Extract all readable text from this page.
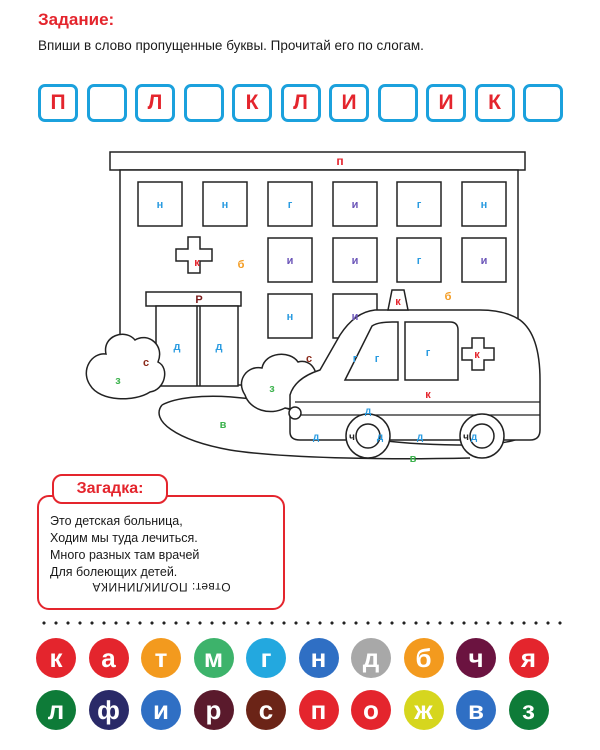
Задание:
Впиши в слово пропущенные буквы. Прочитай его по слогам.
П	Л	К	Л	И	И	К
п
н	н	г	и	г	н
к	б	и	и	г	и
Р
н	и
д	д
с
з
с
з
в
к	б
г г	г	к
к
д
д	д	д	д
ч	ч
в
Загадка:
Это детская больница,
Ходим мы туда лечиться.
Много разных там врачей
Для болеющих детей.
Ответ: ПОЛИКЛИНИКА
к	а	т	м	г	н	д	б	ч	я
л	ф	и	р	с	п	о	ж	в	з
